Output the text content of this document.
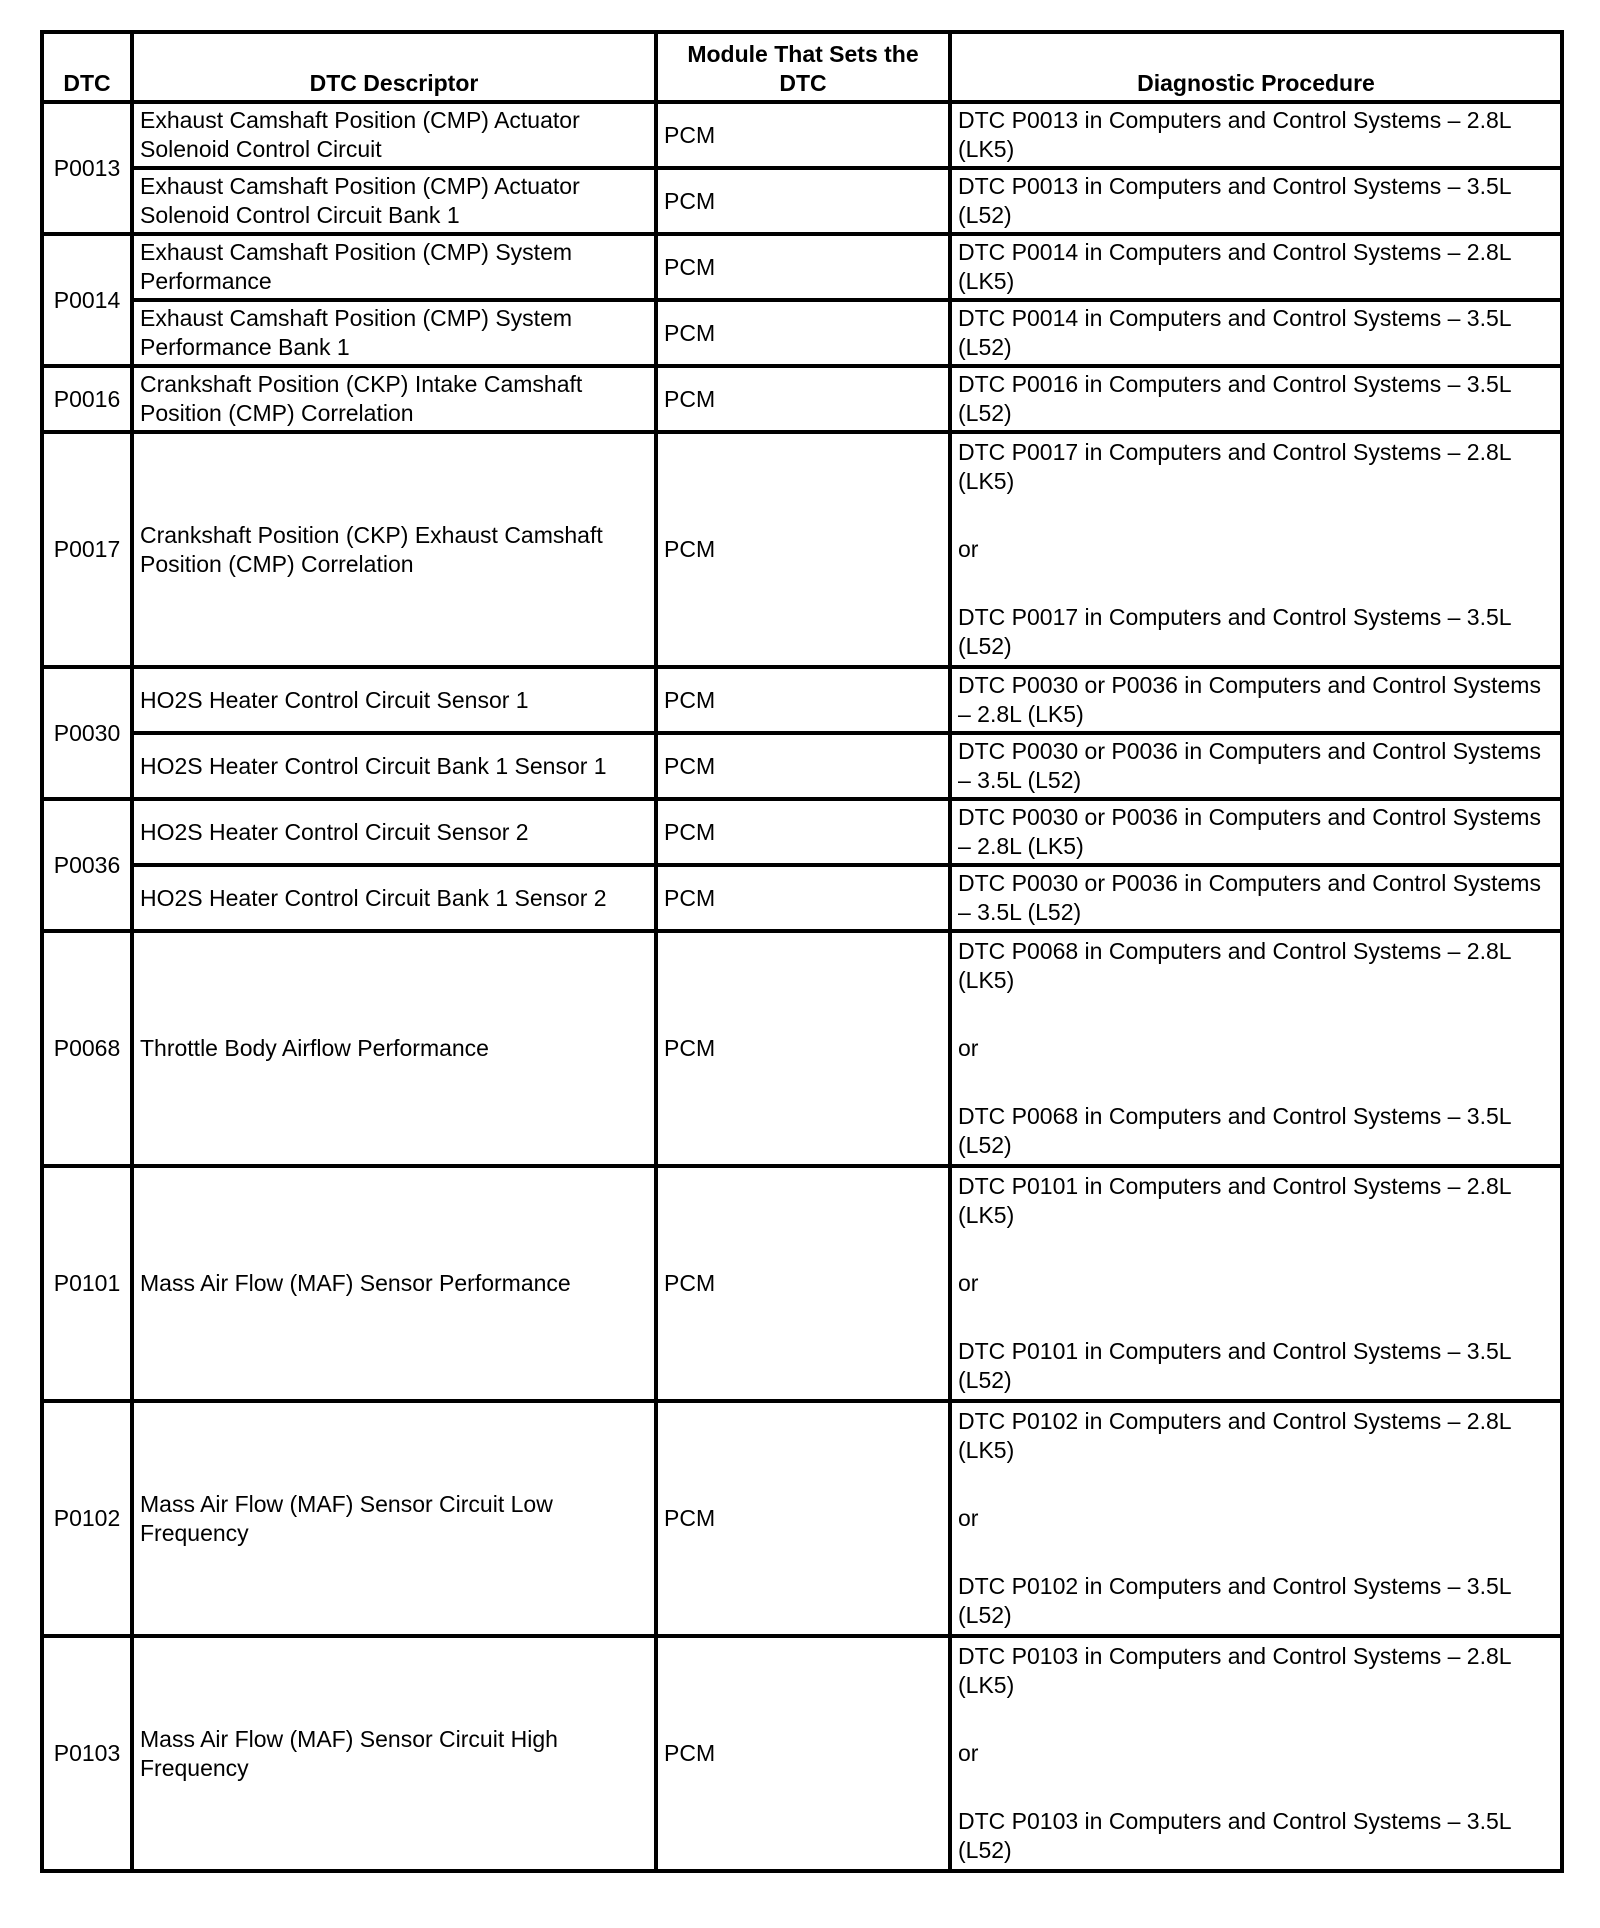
DTC	DTC Descriptor	Module That Sets the DTC	Diagnostic Procedure
P0013	Exhaust Camshaft Position (CMP) Actuator Solenoid Control Circuit	PCM	DTC P0013 in Computers and Control Systems – 2.8L (LK5)
	Exhaust Camshaft Position (CMP) Actuator Solenoid Control Circuit Bank 1	PCM	DTC P0013 in Computers and Control Systems – 3.5L (L52)
P0014	Exhaust Camshaft Position (CMP) System Performance	PCM	DTC P0014 in Computers and Control Systems – 2.8L (LK5)
	Exhaust Camshaft Position (CMP) System Performance Bank 1	PCM	DTC P0014 in Computers and Control Systems – 3.5L (L52)
P0016	Crankshaft Position (CKP) Intake Camshaft Position (CMP) Correlation	PCM	DTC P0016 in Computers and Control Systems – 3.5L (L52)
P0017	Crankshaft Position (CKP) Exhaust Camshaft Position (CMP) Correlation	PCM	DTC P0017 in Computers and Control Systems – 2.8L (LK5)
or
DTC P0017 in Computers and Control Systems – 3.5L (L52)

P0030	HO2S Heater Control Circuit Sensor 1	PCM	DTC P0030 or P0036 in Computers and Control Systems – 2.8L (LK5)
	HO2S Heater Control Circuit Bank 1 Sensor 1	PCM	DTC P0030 or P0036 in Computers and Control Systems – 3.5L (L52)
P0036	HO2S Heater Control Circuit Sensor 2	PCM	DTC P0030 or P0036 in Computers and Control Systems – 2.8L (LK5)
	HO2S Heater Control Circuit Bank 1 Sensor 2	PCM	DTC P0030 or P0036 in Computers and Control Systems – 3.5L (L52)
P0068	Throttle Body Airflow Performance	PCM	DTC P0068 in Computers and Control Systems – 2.8L (LK5)
or
DTC P0068 in Computers and Control Systems – 3.5L (L52)

P0101	Mass Air Flow (MAF) Sensor Performance	PCM	DTC P0101 in Computers and Control Systems – 2.8L (LK5)
or
DTC P0101 in Computers and Control Systems – 3.5L (L52)

P0102	Mass Air Flow (MAF) Sensor Circuit Low Frequency	PCM	DTC P0102 in Computers and Control Systems – 2.8L (LK5)
or
DTC P0102 in Computers and Control Systems – 3.5L (L52)

P0103	Mass Air Flow (MAF) Sensor Circuit High Frequency	PCM	DTC P0103 in Computers and Control Systems – 2.8L (LK5)
or
DTC P0103 in Computers and Control Systems – 3.5L (L52)
